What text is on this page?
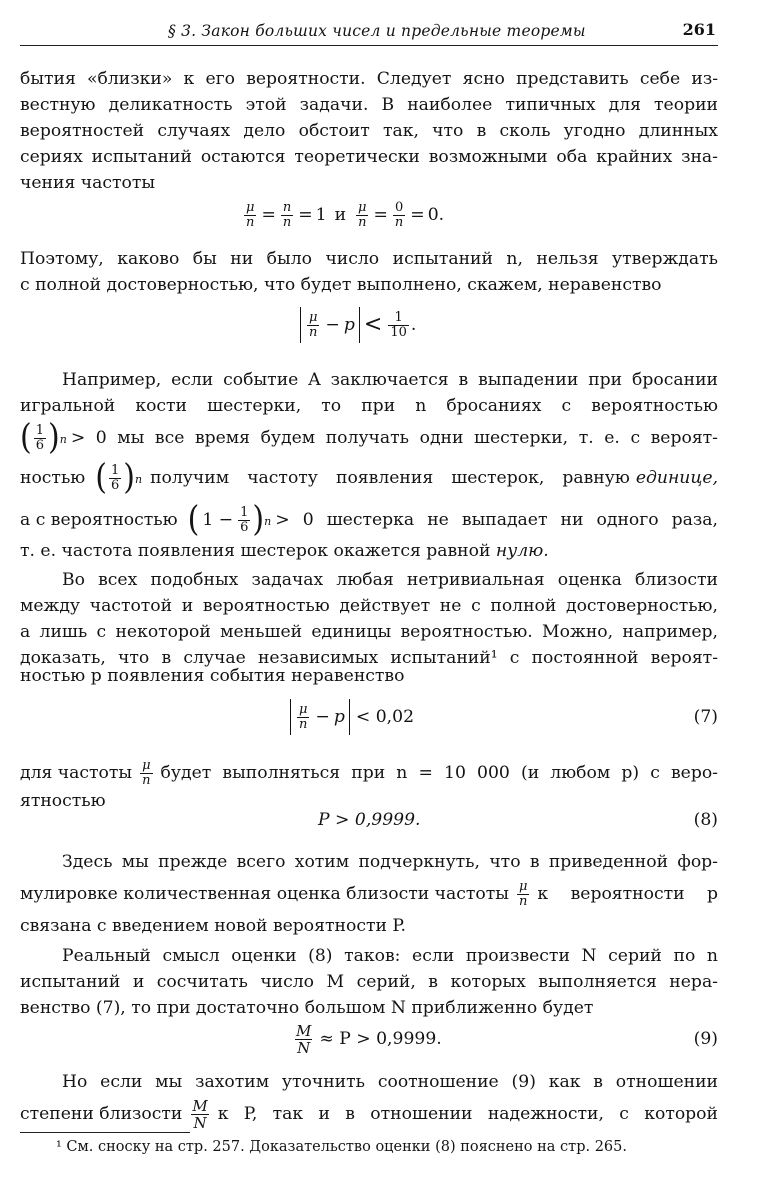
§ 3. Закон больших чисел и предельные теоремы	261
бытия «близки» к его вероятности. Следует ясно представить себе из-
вестную деликатность этой задачи. В наиболее типичных для теории
вероятностей случаях дело обстоит так, что в сколь угодно длинных
сериях испытаний остаются теоретически возможными оба крайних зна-
чения частоты
$\frac{\mu}{n} = \frac{n}{n} = 1$ и $\frac{\mu}{n} = \frac{0}{n} = 0$.
Поэтому, каково бы ни было число испытаний n, нельзя утверждать
с полной достоверностью, что будет выполнено, скажем, неравенство
$\frac{\mu}{n} - p < \frac{1}{10}$ .
Например, если событие A заключается в выпадении при бросании
игральной кости шестерки, то при n бросаниях с вероятностью
( $\frac{1}{6}$ ) n > 0 мы все время будем получать одни шестерки, т. е. с вероят-
ностью ( $\frac{1}{6}$ ) n получим частоту появления шестерок, равную единице,
а с вероятностью ( $1 - \frac{1}{6}$ ) n > 0 шестерка не выпадает ни одного раза,
т. е. частота появления шестерок окажется равной нулю.
Во всех подобных задачах любая нетривиальная оценка близости
между частотой и вероятностью действует не с полной достоверностью,
а лишь с некоторой меньшей единицы вероятностью. Можно, например,
доказать, что в случае независимых испытаний¹ с постоянной вероят-
ностью p появления события неравенство
$\frac{\mu}{n} - p < 0,02$	(7)
для частоты $\frac{\mu}{n}$ будет выполняться при n = 10 000 (и любом p) с веро-
ятностью
P > 0,9999.	(8)
Здесь мы прежде всего хотим подчеркнуть, что в приведенной фор-
мулировке количественная оценка близости частоты $\frac{\mu}{n}$ к вероятности p
связана с введением новой вероятности P.
Реальный смысл оценки (8) таков: если произвести N серий по n
испытаний и сосчитать число M серий, в которых выполняется нера-
венство (7), то при достаточно большом N приближенно будет
$\frac{M}{N} \approx P > 0,9999$.	(9)
Но если мы захотим уточнить соотношение (9) как в отношении
степени близости $\frac{M}{N}$ к P, так и в отношении надежности, с которой
¹ См. сноску на стр. 257. Доказательство оценки (8) пояснено на стр. 265.
